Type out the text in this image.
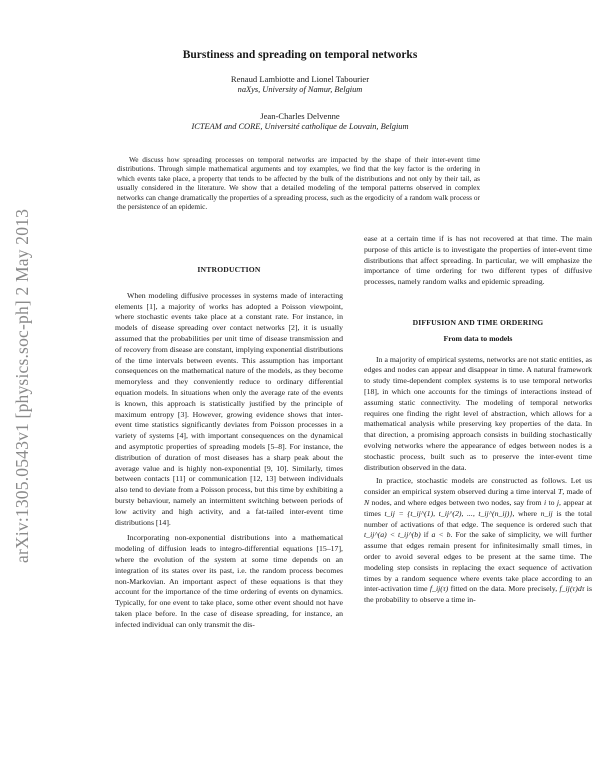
arXiv:1305.0543v1 [physics.soc-ph] 2 May 2013
Burstiness and spreading on temporal networks
Renaud Lambiotte and Lionel Tabourier
naXys, University of Namur, Belgium
Jean-Charles Delvenne
ICTEAM and CORE, Université catholique de Louvain, Belgium
We discuss how spreading processes on temporal networks are impacted by the shape of their inter-event time distributions. Through simple mathematical arguments and toy examples, we find that the key factor is the ordering in which events take place, a property that tends to be affected by the bulk of the distributions and not only by their tail, as usually considered in the literature. We show that a detailed modeling of the temporal patterns observed in complex networks can change dramatically the properties of a spreading process, such as the ergodicity of a random walk process or the persistence of an epidemic.

INTRODUCTION

When modeling diffusive processes in systems made of interacting elements [1], a majority of works has adopted a Poisson viewpoint, where stochastic events take place at a constant rate. For instance, in models of disease spreading over contact networks [2], it is usually assumed that the probabilities per unit time of disease transmission and of recovery from disease are constant, implying exponential distributions of the time intervals between events. This assumption has important consequences on the mathematical nature of the models, as they become memoryless and they conveniently reduce to ordinary differential equation models. In situations when only the average rate of the events is known, this approach is statistically justified by the principle of maximum entropy [3]. However, growing evidence shows that inter-event time statistics significantly deviates from Poisson processes in a variety of systems [4], with important consequences on the dynamical and asymptotic properties of spreading models [5–8]. For instance, the distribution of duration of most diseases has a sharp peak about the average value and is highly non-exponential [9, 10]. Similarly, times between contacts [11] or communication [12, 13] between individuals also tend to deviate from a Poisson process, but this time by exhibiting a bursty behaviour, namely an intermittent switching between periods of low activity and high activity, and a fat-tailed inter-event time distributions [14].

Incorporating non-exponential distributions into a mathematical modeling of diffusion leads to integro-differential equations [15–17], where the evolution of the system at some time depends on an integration of its states over its past, i.e. the random process becomes non-Markovian. An important aspect of these equations is that they account for the importance of the time ordering of events on dynamics. Typically, for one event to take place, some other event should not have taken place before. In the case of disease spreading, for instance, an infected individual can only transmit the dis-

ease at a certain time if is has not recovered at that time. The main purpose of this article is to investigate the properties of inter-event time distributions that affect spreading. In particular, we will emphasize the importance of time ordering for two different types of diffusive processes, namely random walks and epidemic spreading.

DIFFUSION AND TIME ORDERING

From data to models

In a majority of empirical systems, networks are not static entities, as edges and nodes can appear and disappear in time. A natural framework to study time-dependent complex systems is to use temporal networks [18], in which one accounts for the timings of interactions instead of assuming static connectivity. The modeling of temporal networks requires one finding the right level of abstraction, which allows for a mathematical analysis while preserving key properties of the data. In that direction, a promising approach consists in building stochastically evolving networks where the appearance of edges between nodes is a stochastic process, built such as to preserve the inter-event time distribution observed in the data.

In practice, stochastic models are constructed as follows. Let us consider an empirical system observed during a time interval T, made of N nodes, and where edges between two nodes, say from i to j, appear at times t_ij = {t_ij^(1), t_ij^(2), ..., t_ij^(n_ij)}, where n_ij is the total number of activations of that edge. The sequence is ordered such that t_ij^(a) < t_ij^(b) if a < b. For the sake of simplicity, we will further assume that edges remain present for infinitesimally small times, in order to avoid several edges to be present at the same time. The modeling step consists in replacing the exact sequence of activation times by a random sequence where events take place according to an inter-activation time f_ij(τ) fitted on the data. More precisely, f_ij(τ)dτ is the probability to observe a time in-
